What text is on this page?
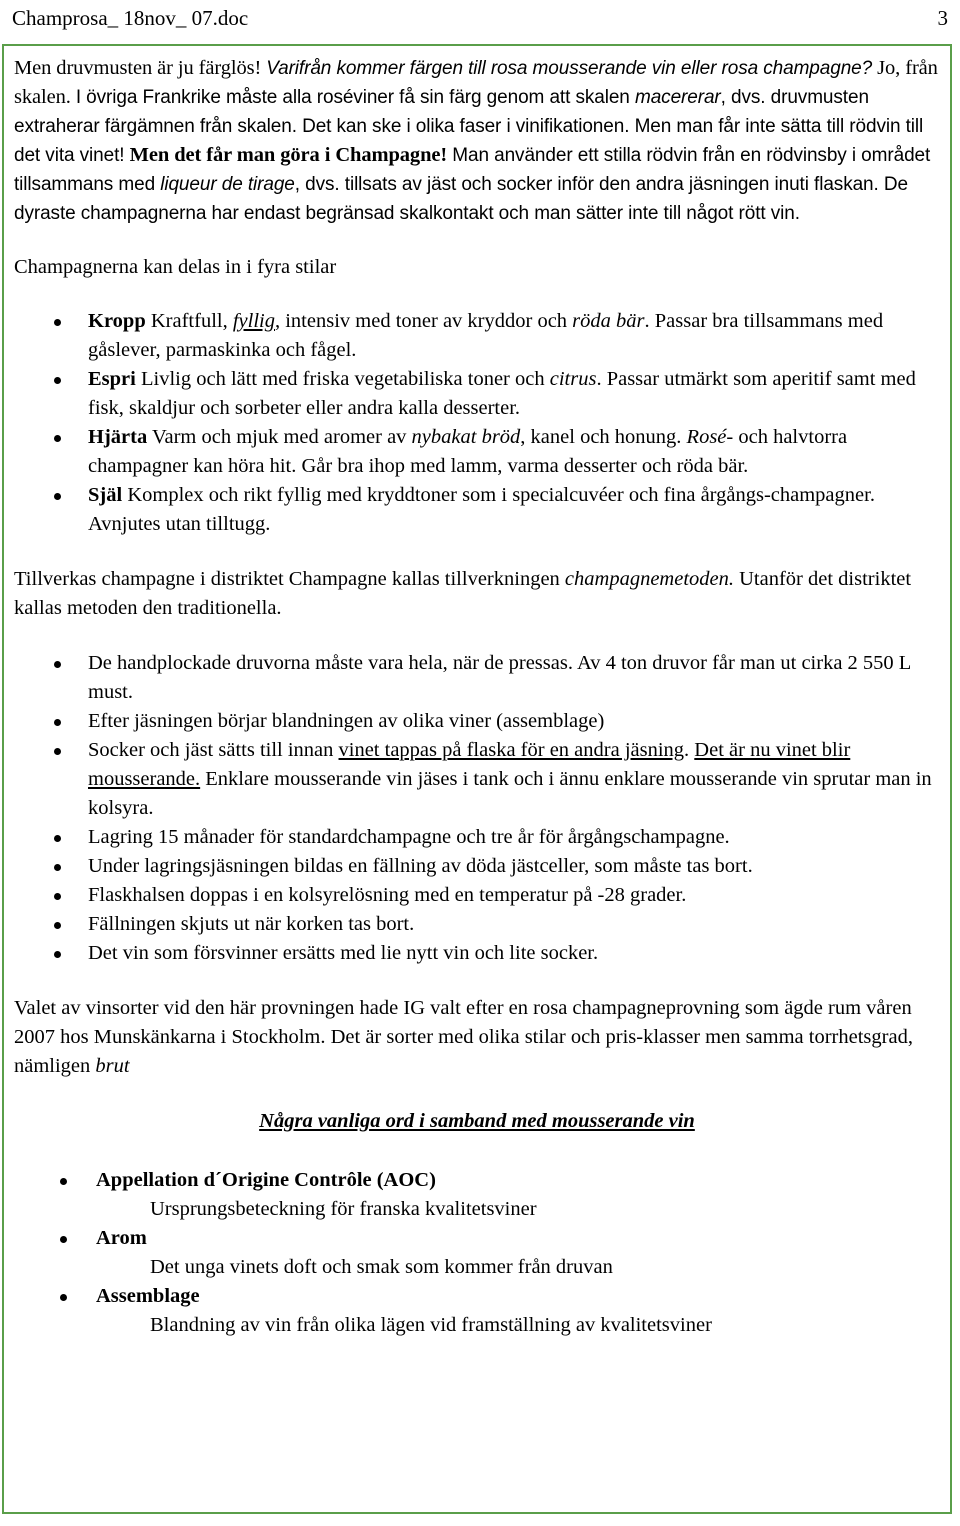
Champrosa_ 18nov_ 07.doc	3

Men druvmusten är ju färglös! Varifrån kommer färgen till rosa mousserande vin eller rosa champagne? Jo, från skalen. I övriga Frankrike måste alla roséviner få sin färg genom att skalen macererar, dvs. druvmusten extraherar färgämnen från skalen. Det kan ske i olika faser i vinifikationen. Men man får inte sätta till rödvin till det vita vinet! Men det får man göra i Champagne! Man använder ett stilla rödvin från en rödvinsby i området tillsammans med liqueur de tirage, dvs. tillsats av jäst och socker inför den andra jäsningen inuti flaskan. De dyraste champagnerna har endast begränsad skalkontakt och man sätter inte till något rött vin.

Champagnerna kan delas in i fyra stilar

Kropp Kraftfull, fyllig, intensiv med toner av kryddor och röda bär. Passar bra tillsammans med gåslever, parmaskinka och fågel.
Espri Livlig och lätt med friska vegetabiliska toner och citrus. Passar utmärkt som aperitif samt med fisk, skaldjur och sorbeter eller andra kalla desserter.
Hjärta Varm och mjuk med aromer av nybakat bröd, kanel och honung. Rosé- och halvtorra champagner kan höra hit. Går bra ihop med lamm, varma desserter och röda bär.
Själ Komplex och rikt fyllig med kryddtoner som i specialcuvéer och fina årgångs-champagner. Avnjutes utan tilltugg.

Tillverkas champagne i distriktet Champagne kallas tillverkningen champagnemetoden. Utanför det distriktet kallas metoden den traditionella.

De handplockade druvorna måste vara hela, när de pressas. Av 4 ton druvor får man ut cirka 2 550 L must.
Efter jäsningen börjar blandningen av olika viner (assemblage)
Socker och jäst sätts till innan vinet tappas på flaska för en andra jäsning. Det är nu vinet blir mousserande. Enklare mousserande vin jäses i tank och i ännu enklare mousserande vin sprutar man in kolsyra.
Lagring 15 månader för standardchampagne och tre år för årgångschampagne.
Under lagringsjäsningen bildas en fällning av döda jästceller, som måste tas bort.
Flaskhalsen doppas i en kolsyrelösning med en temperatur på -28 grader.
Fällningen skjuts ut när korken tas bort.
Det vin som försvinner ersätts med lie nytt vin och lite socker.

Valet av vinsorter vid den här provningen hade IG valt efter en rosa champagneprovning som ägde rum våren 2007 hos Munskänkarna i Stockholm. Det är sorter med olika stilar och pris-klasser men samma torrhetsgrad, nämligen brut

Några vanliga ord i samband med mousserande vin

Appellation d´Origine Contrôle (AOC)
Ursprungsbeteckning för franska kvalitetsviner
Arom
Det unga vinets doft och smak som kommer från druvan
Assemblage
Blandning av vin från olika lägen vid framställning av kvalitetsviner
